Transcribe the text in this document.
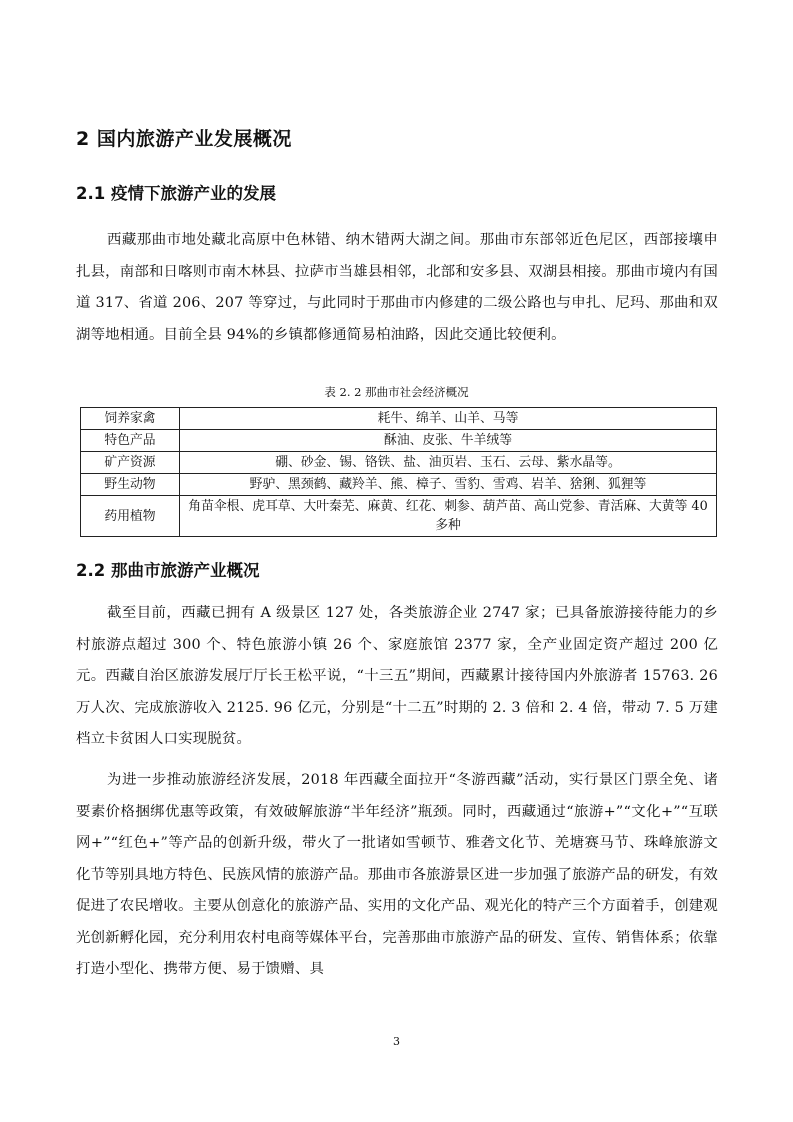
2 国内旅游产业发展概况
2.1 疫情下旅游产业的发展

西藏那曲市地处藏北高原中色林错、纳木错两大湖之间。那曲市东部邻近色尼区，西部接壤申扎县，南部和日喀则市南木林县、拉萨市当雄县相邻，北部和安多县、双湖县相接。那曲市境内有国道 317、省道 206、207 等穿过，与此同时于那曲市内修建的二级公路也与申扎、尼玛、那曲和双湖等地相通。目前全县 94%的乡镇都修通简易柏油路，因此交通比较便利。

表 2. 2 那曲市社会经济概况

饲养家禽	耗牛、绵羊、山羊、马等
特色产品	酥油、皮张、牛羊绒等
矿产资源	硼、砂金、锡、铬铁、盐、油页岩、玉石、云母、紫水晶等。
野生动物	野驴、黑颈鹤、藏羚羊、熊、樟子、雪豹、雪鸡、岩羊、猞猁、狐狸等
药用植物	角苗伞根、虎耳草、大叶秦芜、麻黄、红花、刺参、葫芦苗、高山党参、青活麻、大黄等 40 多种
2.2 那曲市旅游产业概况

截至目前，西藏已拥有 A 级景区 127 处，各类旅游企业 2747 家；已具备旅游接待能力的乡村旅游点超过 300 个、特色旅游小镇 26 个、家庭旅馆 2377 家，全产业固定资产超过 200 亿元。西藏自治区旅游发展厅厅长王松平说，“十三五”期间，西藏累计接待国内外旅游者 15763. 26 万人次、完成旅游收入 2125. 96 亿元，分别是“十二五”时期的 2. 3 倍和 2. 4 倍，带动 7. 5 万建档立卡贫困人口实现脱贫。

为进一步推动旅游经济发展，2018 年西藏全面拉开“冬游西藏”活动，实行景区门票全免、诸要素价格捆绑优惠等政策，有效破解旅游“半年经济”瓶颈。同时，西藏通过“旅游+”“文化+”“互联网+”“红色+”等产品的创新升级，带火了一批诸如雪顿节、雅砻文化节、羌塘赛马节、珠峰旅游文化节等别具地方特色、民族风情的旅游产品。那曲市各旅游景区进一步加强了旅游产品的研发，有效促进了农民增收。主要从创意化的旅游产品、实用的文化产品、观光化的特产三个方面着手，创建观光创新孵化园，充分利用农村电商等媒体平台，完善那曲市旅游产品的研发、宣传、销售体系；依靠打造小型化、携带方便、易于馈赠、具

3
